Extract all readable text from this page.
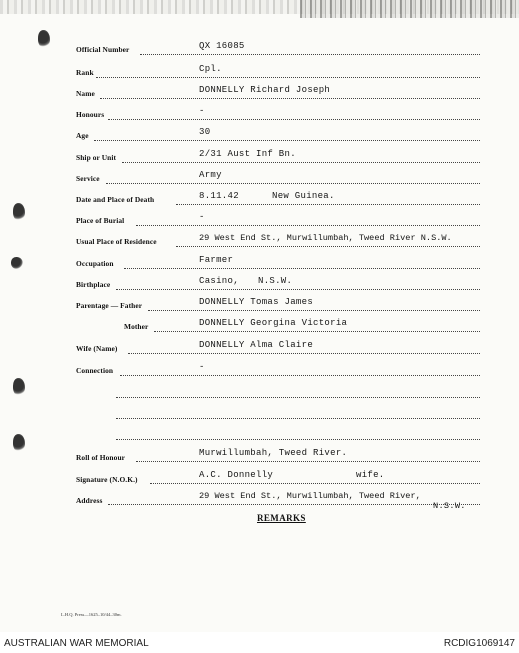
Official Number	QX 16085
Rank	Cpl.
Name	DONNELLY Richard Joseph
Honours	-
Age	30
Ship or Unit	2/31 Aust Inf Bn.
Service	Army
Date and Place of Death	8.11.42	New Guinea.
Place of Burial	-
Usual Place of Residence	29 West End St., Murwillumbah, Tweed River N.S.W.
Occupation	Farmer
Birthplace	Casino, N.S.W.
Parentage — Father	DONNELLY Tomas James
Mother	DONNELLY Georgina Victoria
Wife (Name)	DONNELLY Alma Claire
Connection	-
Roll of Honour	Murwillumbah, Tweed River.
Signature (N.O.K.)	A.C. Donnelly	wife.
Address	29 West End St., Murwillumbah, Tweed River,
N.S.W.
REMARKS
L.H.Q. Press—1625–10/44–30m.
AUSTRALIAN WAR MEMORIAL	RCDIG1069147
